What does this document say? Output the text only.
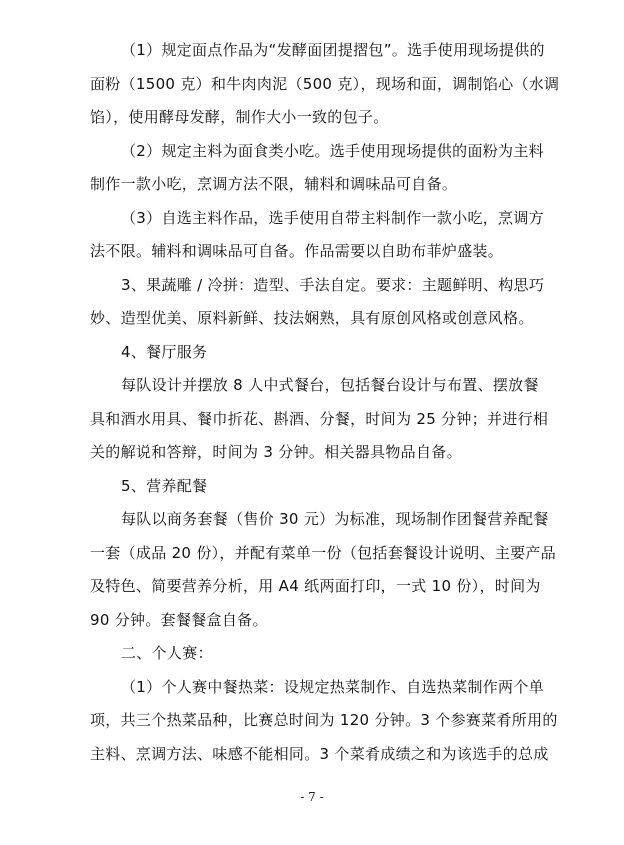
（1）规定面点作品为“发酵面团提摺包”。选手使用现场提供的
面粉（1500 克）和牛肉肉泥（500 克），现场和面，调制馅心（水调
馅），使用酵母发酵，制作大小一致的包子。
（2）规定主料为面食类小吃。选手使用现场提供的面粉为主料
制作一款小吃，烹调方法不限，辅料和调味品可自备。
（3）自选主料作品，选手使用自带主料制作一款小吃，烹调方
法不限。辅料和调味品可自备。作品需要以自助布菲炉盛装。
3、果蔬雕 / 冷拼：造型、手法自定。要求：主题鲜明、构思巧
妙、造型优美、原料新鲜、技法娴熟，具有原创风格或创意风格。
4、餐厅服务
每队设计并摆放 8 人中式餐台，包括餐台设计与布置、摆放餐
具和酒水用具、餐巾折花、斟酒、分餐，时间为 25 分钟；并进行相
关的解说和答辩，时间为 3 分钟。相关器具物品自备。
5、营养配餐
每队以商务套餐（售价 30 元）为标准，现场制作团餐营养配餐
一套（成品 20 份），并配有菜单一份（包括套餐设计说明、主要产品
及特色、简要营养分析，用 A4 纸两面打印，一式 10 份），时间为
90 分钟。套餐餐盒自备。
二、个人赛：
（1）个人赛中餐热菜：设规定热菜制作、自选热菜制作两个单
项，共三个热菜品种，比赛总时间为 120 分钟。3 个参赛菜肴所用的
主料、烹调方法、味感不能相同。3 个菜肴成绩之和为该选手的总成
- 7 -
